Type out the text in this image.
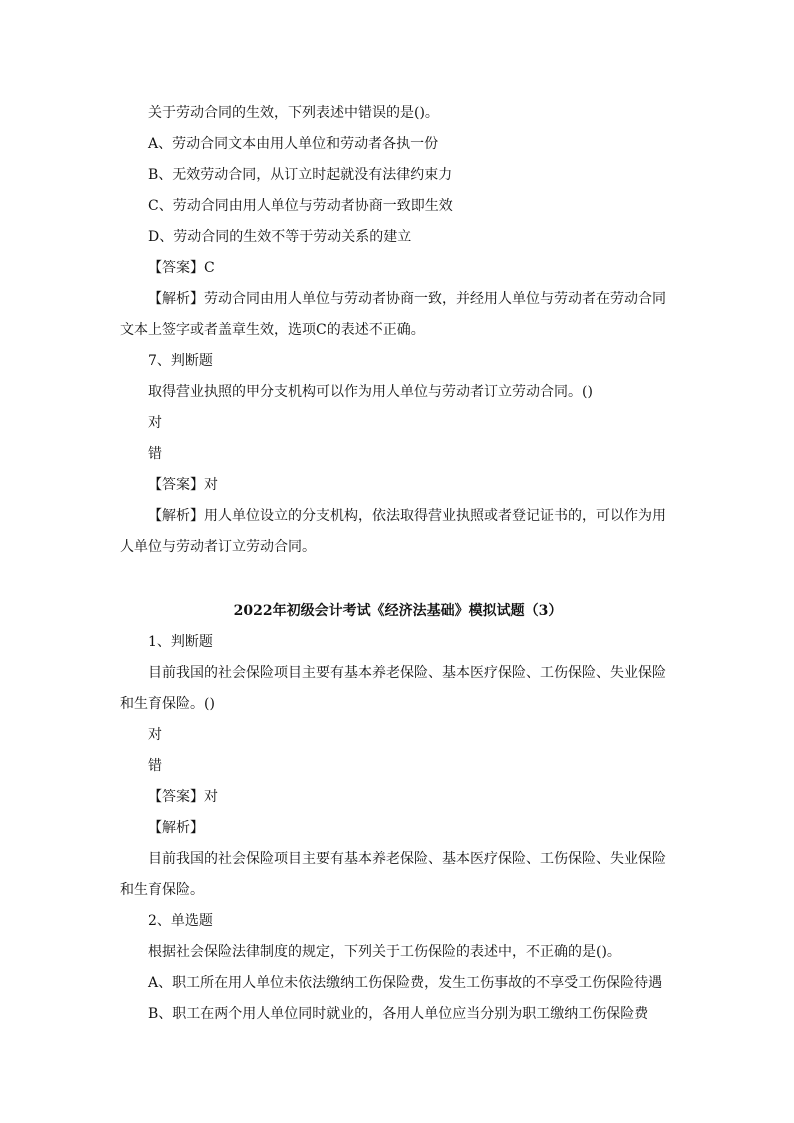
关于劳动合同的生效，下列表述中错误的是()。

A、劳动合同文本由用人单位和劳动者各执一份

B、无效劳动合同，从订立时起就没有法律约束力

C、劳动合同由用人单位与劳动者协商一致即生效

D、劳动合同的生效不等于劳动关系的建立

【答案】C

【解析】劳动合同由用人单位与劳动者协商一致，并经用人单位与劳动者在劳动合同文本上签字或者盖章生效，选项C的表述不正确。

7、判断题

取得营业执照的甲分支机构可以作为用人单位与劳动者订立劳动合同。()

对

错

【答案】对

【解析】用人单位设立的分支机构，依法取得营业执照或者登记证书的，可以作为用人单位与劳动者订立劳动合同。

2022年初级会计考试《经济法基础》模拟试题（3）

1、判断题

目前我国的社会保险项目主要有基本养老保险、基本医疗保险、工伤保险、失业保险和生育保险。()

对

错

【答案】对

【解析】

目前我国的社会保险项目主要有基本养老保险、基本医疗保险、工伤保险、失业保险和生育保险。

2、单选题

根据社会保险法律制度的规定，下列关于工伤保险的表述中，不正确的是()。

A、职工所在用人单位未依法缴纳工伤保险费，发生工伤事故的不享受工伤保险待遇

B、职工在两个用人单位同时就业的，各用人单位应当分别为职工缴纳工伤保险费
